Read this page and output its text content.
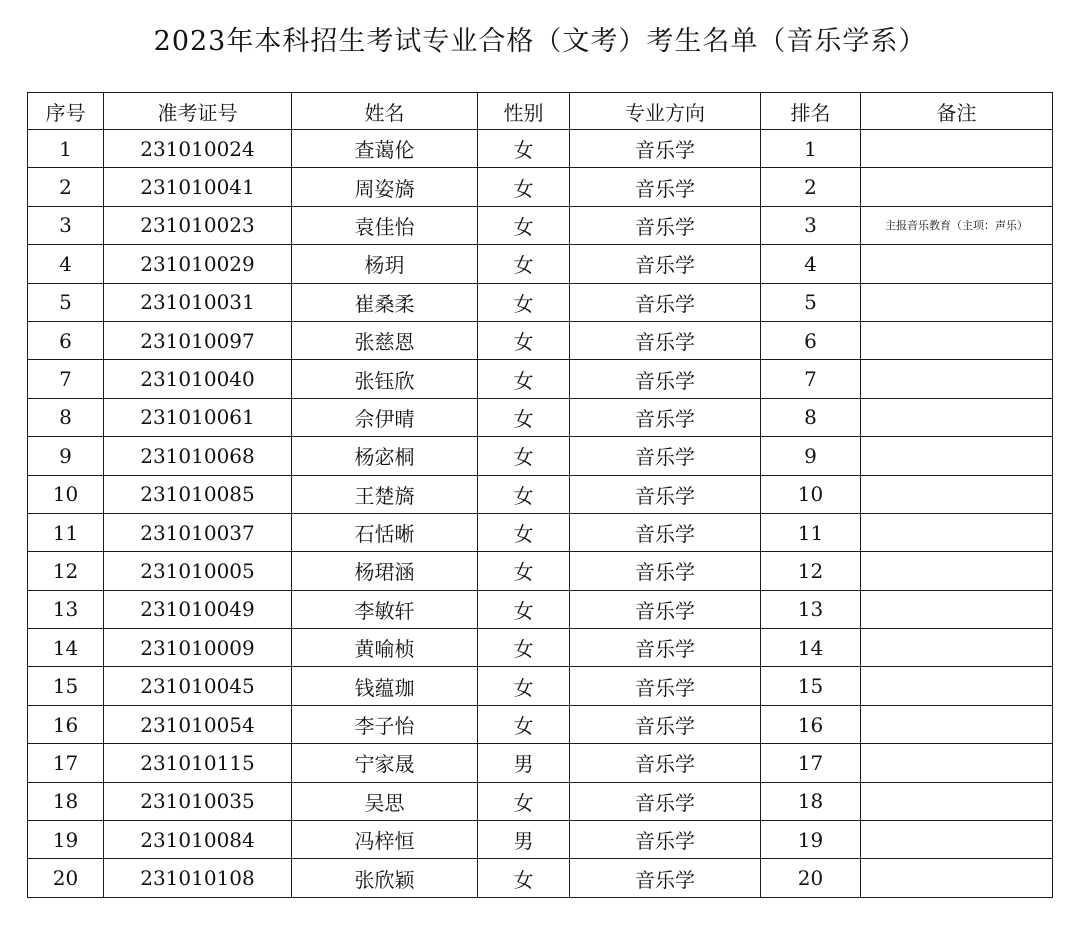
2023年本科招生考试专业合格（文考）考生名单（音乐学系）
序号	准考证号	姓名	性别	专业方向	排名	备注
1	231010024	查蔼伦	女	音乐学	1	
2	231010041	周姿旖	女	音乐学	2	
3	231010023	袁佳怡	女	音乐学	3	主报音乐教育（主项：声乐）
4	231010029	杨玥	女	音乐学	4	
5	231010031	崔桑柔	女	音乐学	5	
6	231010097	张慈恩	女	音乐学	6	
7	231010040	张钰欣	女	音乐学	7	
8	231010061	佘伊晴	女	音乐学	8	
9	231010068	杨宓桐	女	音乐学	9	
10	231010085	王楚旖	女	音乐学	10	
11	231010037	石恬晰	女	音乐学	11	
12	231010005	杨珺涵	女	音乐学	12	
13	231010049	李敏轩	女	音乐学	13	
14	231010009	黄喻桢	女	音乐学	14	
15	231010045	钱蕴珈	女	音乐学	15	
16	231010054	李子怡	女	音乐学	16	
17	231010115	宁家晟	男	音乐学	17	
18	231010035	吴思	女	音乐学	18	
19	231010084	冯梓恒	男	音乐学	19	
20	231010108	张欣颖	女	音乐学	20	
